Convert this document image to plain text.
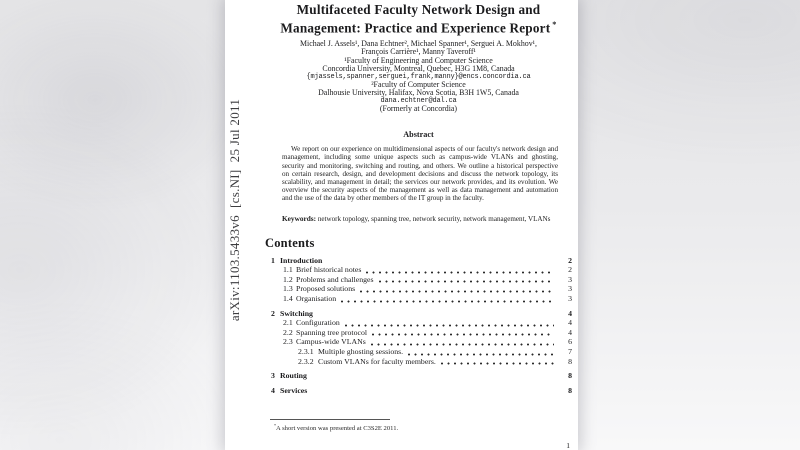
arXiv:1103.5433v6  [cs.NI]  25 Jul 2011
Multifaceted Faculty Network Design and
Management: Practice and Experience Report *
Michael J. Assels¹, Dana Echtner², Michael Spanner¹, Serguei A. Mokhov¹,
François Carrière¹, Manny Taveroff¹
¹Faculty of Engineering and Computer Science
Concordia University, Montreal, Quebec, H3G 1M8, Canada
{mjassels,spanner,serguei,frank,manny}@encs.concordia.ca
²Faculty of Computer Science
Dalhousie University, Halifax, Nova Scotia, B3H 1W5, Canada
dana.echtner@dal.ca
(Formerly at Concordia)
Abstract
We report on our experience on multidimensional aspects of our faculty's network design and management, including some unique aspects such as campus-wide VLANs and ghosting, security and monitoring, switching and routing, and others. We outline a historical perspective on certain research, design, and development decisions and discuss the network topology, its scalability, and management in detail; the services our network provides, and its evolution. We overview the security aspects of the management as well as data management and automation and the use of the data by other members of the IT group in the faculty.
Keywords: network topology, spanning tree, network security, network management, VLANs
Contents
1 Introduction	2
1.1 Brief historical notes	2
1.2 Problems and challenges	3
1.3 Proposed solutions	3
1.4 Organisation	3
2 Switching	4
2.1 Configuration	4
2.2 Spanning tree protocol	4
2.3 Campus-wide VLANs	6
2.3.1 Multiple ghosting sessions.	7
2.3.2 Custom VLANs for faculty members.	8
3 Routing	8
4 Services	8
*A short version was presented at C3S2E 2011.
1
